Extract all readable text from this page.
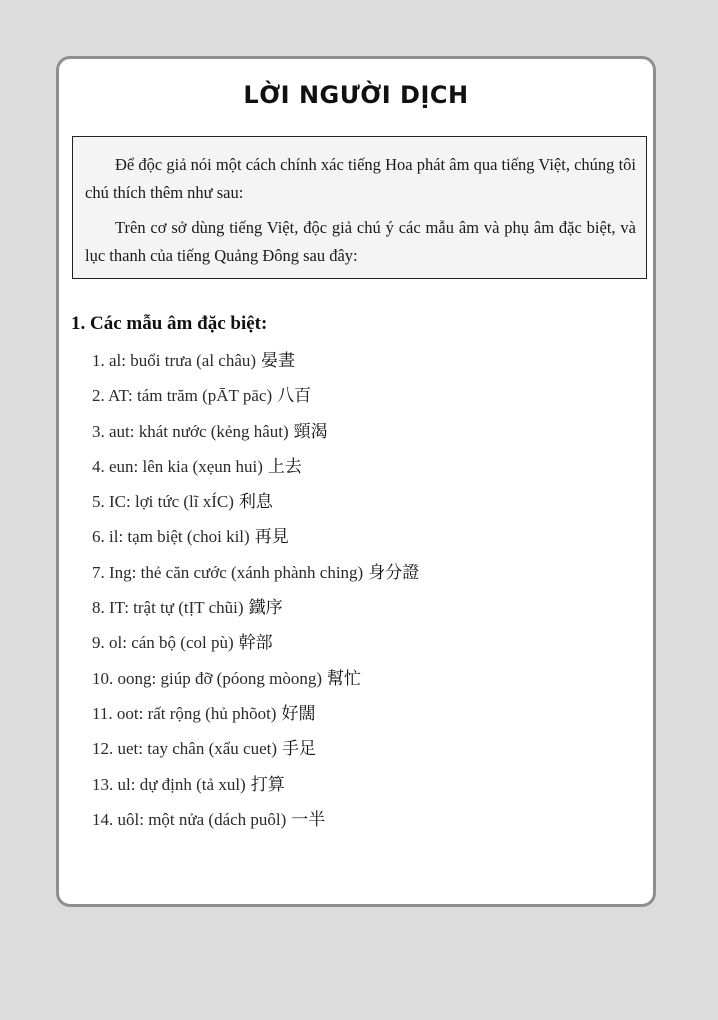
LỜI NGƯỜI DỊCH

Để độc giả nói một cách chính xác tiếng Hoa phát âm qua tiếng Việt, chúng tôi chú thích thêm như sau:

Trên cơ sở dùng tiếng Việt, độc giả chú ý các mẫu âm và phụ âm đặc biệt, và lục thanh của tiếng Quảng Đông sau đây:

1. Các mẫu âm đặc biệt:
1. al: buổi trưa (al châu) 晏晝
2. AT: tám trăm (pĀT pāc) 八百
3. aut: khát nước (kẻng hâut) 頸渴
4. eun: lên kia (xẹun hui) 上去
5. IC: lợi tức (lĩ xÍC) 利息
6. il: tạm biệt (choi kil) 再見
7. Ing: thẻ căn cước (xánh phành ching) 身分證
8. IT: trật tự (tỊT chũi) 鐵序
9. ol: cán bộ (col pù) 幹部
10. oong: giúp đỡ (póong mòong) 幫忙
11. oot: rất rộng (hủ phõot) 好闊
12. uet: tay chân (xẩu cuet) 手足
13. ul: dự định (tả xul) 打算
14. uôl: một nửa (dách puôl) 一半
